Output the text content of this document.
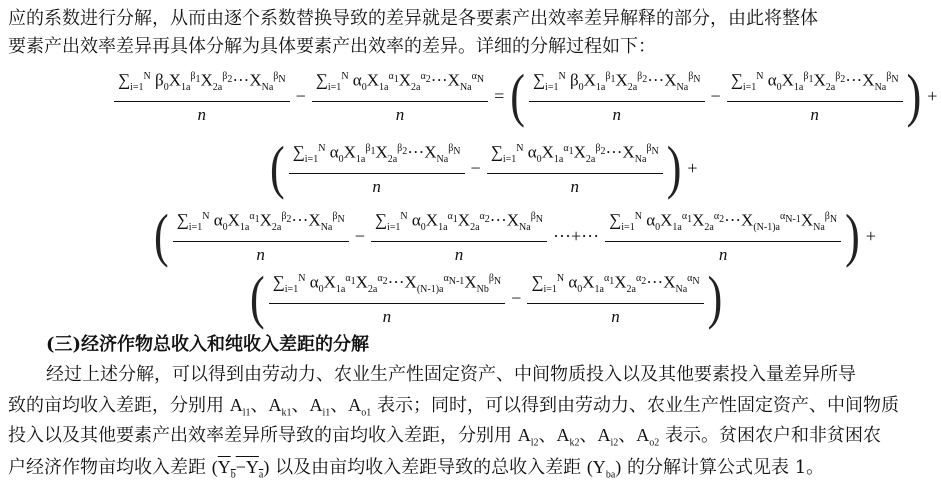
应的系数进行分解，从而由逐个系数替换导致的差异就是各要素产出效率差异解释的部分，由此将整体
要素产出效率差异再具体分解为具体要素产出效率的差异。详细的分解过程如下：
$\frac{\sum_{i=1}^N \beta_0X_{1a}^{\beta_1}X_{2a}^{\beta_2}\cdot\cdot\cdot X_{Na}^{\beta_N}}{n} - \frac{\sum_{i=1}^N \alpha_0X_{1a}^{\alpha_1}X_{2a}^{\alpha_2}\cdot\cdot\cdot X_{Na}^{\alpha_N}}{n}$ = ( $\frac{\sum_{i=1}^N \beta_0X_{1a}^{\beta_1}X_{2a}^{\beta_2}\cdot\cdot\cdot X_{Na}^{\beta_N}}{n} - \frac{\sum_{i=1}^N \alpha_0X_{1a}^{\beta_1}X_{2a}^{\beta_2}\cdot\cdot\cdot X_{Na}^{\beta_N}}{n}$ ) +
( $\frac{\sum_{i=1}^N \alpha_0X_{1a}^{\beta_1}X_{2a}^{\beta_2}\cdot\cdot\cdot X_{Na}^{\beta_N}}{n} - \frac{\sum_{i=1}^N \alpha_0X_{1a}^{\alpha_1}X_{2a}^{\beta_2}\cdot\cdot\cdot X_{Na}^{\beta_N}}{n}$ ) +
( $\frac{\sum_{i=1}^N \alpha_0X_{1a}^{\alpha_1}X_{2a}^{\beta_2}\cdot\cdot\cdot X_{Na}^{\beta_N}}{n} - \frac{\sum_{i=1}^N \alpha_0X_{1a}^{\alpha_1}X_{2a}^{\alpha_2}\cdot\cdot\cdot X_{Na}^{\beta_N}}{n}$ ···+··· $\frac{\sum_{i=1}^N \alpha_0X_{1a}^{\alpha_1}X_{2a}^{\alpha_2}\cdot\cdot\cdot X_{(N-1)a}^{\alpha_{N-1}}X_{Na}^{\beta_N}}{n}$ ) +
( $\frac{\sum_{i=1}^N \alpha_0X_{1a}^{\alpha_1}X_{2a}^{\alpha_2}\cdot\cdot\cdot X_{(N-1)a}^{\alpha_{N-1}}X_{Nb}^{\beta_N}}{n} - \frac{\sum_{i=1}^N \alpha_0X_{1a}^{\alpha_1}X_{2a}^{\alpha_2}\cdot\cdot\cdot X_{Na}^{\alpha_N}}{n}$ )
(三)经济作物总收入和纯收入差距的分解
经过上述分解，可以得到由劳动力、农业生产性固定资产、中间物质投入以及其他要素投入量差异所导
致的亩均收入差距，分别用 $A_{l1}$、$A_{k1}$、$A_{i1}$、$A_{o1}$ 表示；同时，可以得到由劳动力、农业生产性固定资产、中间物质
投入以及其他要素产出效率差异所导致的亩均收入差距，分别用 $A_{l2}$、$A_{k2}$、$A_{i2}$、$A_{o2}$ 表示。贫困农户和非贫困农
户经济作物亩均收入差距 $(Y_b-Y_a)$ 以及由亩均收入差距导致的总收入差距 $(Y_{ba})$ 的分解计算公式见表 1。
